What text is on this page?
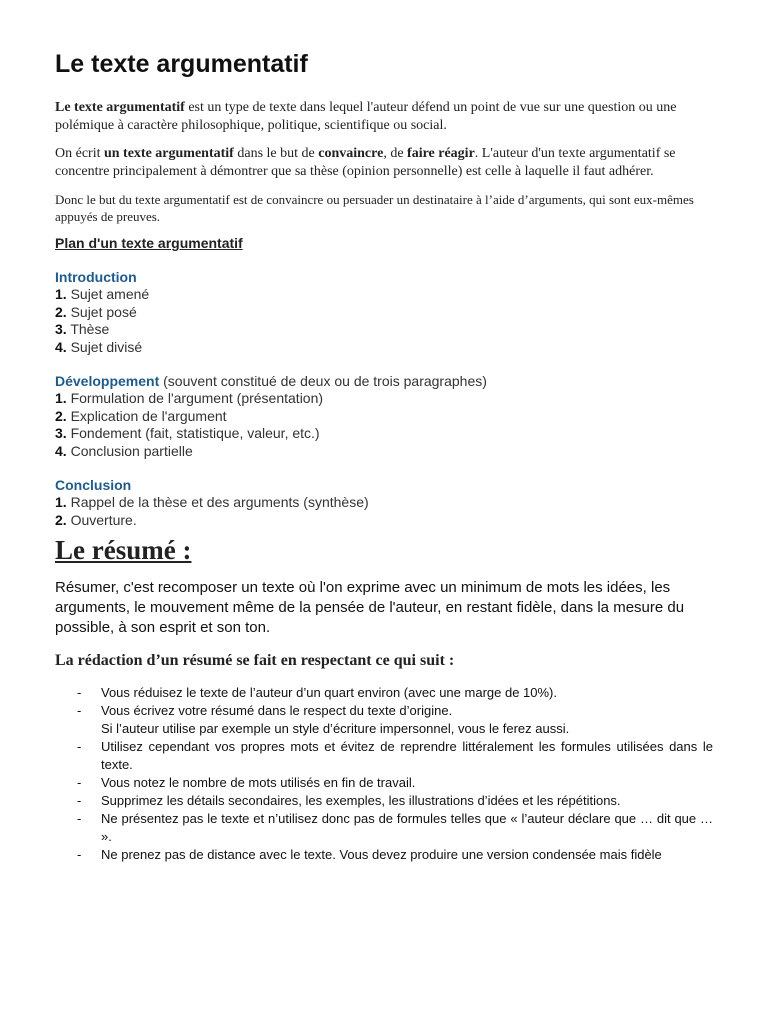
Le texte argumentatif

Le texte argumentatif est un type de texte dans lequel l'auteur défend un point de vue sur une question ou une polémique à caractère philosophique, politique, scientifique ou social.

On écrit un texte argumentatif dans le but de convaincre, de faire réagir. L'auteur d'un texte argumentatif se concentre principalement à démontrer que sa thèse (opinion personnelle) est celle à laquelle il faut adhérer.

Donc le but du texte argumentatif est de convaincre ou persuader un destinataire à l’aide d’arguments, qui sont eux-mêmes appuyés de preuves.

Plan d'un texte argumentatif
Introduction
1. Sujet amené
2. Sujet posé
3. Thèse
4. Sujet divisé
Développement (souvent constitué de deux ou de trois paragraphes)
1. Formulation de l'argument (présentation)
2. Explication de l'argument
3. Fondement (fait, statistique, valeur, etc.)
4. Conclusion partielle
Conclusion
1. Rappel de la thèse et des arguments (synthèse)
2. Ouverture.
Le résumé :

Résumer, c'est recomposer un texte où l'on exprime avec un minimum de mots les idées, les arguments, le mouvement même de la pensée de l'auteur, en restant fidèle, dans la mesure du possible, à son esprit et son ton.

La rédaction d’un résumé se fait en respectant ce qui suit :
- Vous réduisez le texte de l’auteur d’un quart environ (avec une marge de 10%).
- Vous écrivez votre résumé dans le respect du texte d’origine.
Si l’auteur utilise par exemple un style d’écriture impersonnel, vous le ferez aussi.
- Utilisez cependant vos propres mots et évitez de reprendre littéralement les formules utilisées dans le texte.
- Vous notez le nombre de mots utilisés en fin de travail.
- Supprimez les détails secondaires, les exemples, les illustrations d’idées et les répétitions.
- Ne présentez pas le texte et n’utilisez donc pas de formules telles que « l’auteur déclare que … dit que … ».
- Ne prenez pas de distance avec le texte. Vous devez produire une version condensée mais fidèle
